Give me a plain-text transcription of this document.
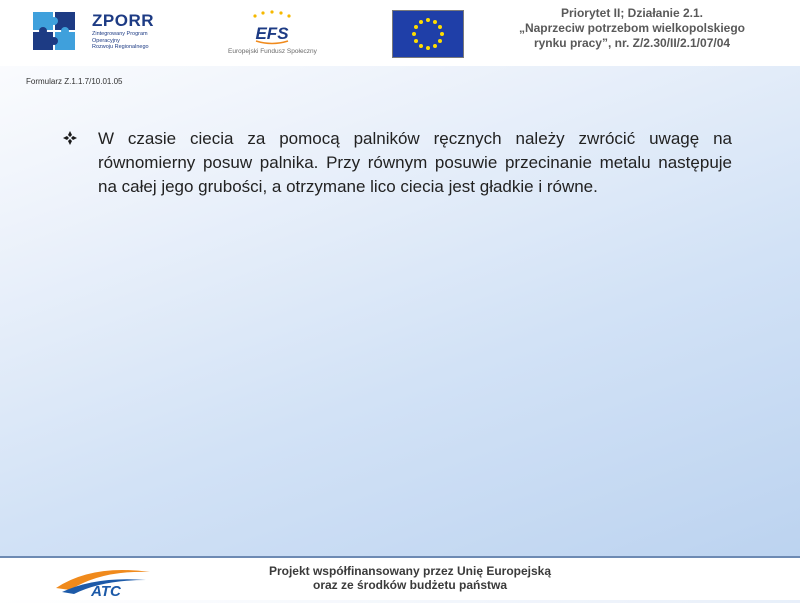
ZPORR
Zintegrowany Program
Operacyjny
Rozwoju Regionalnego
EFS
Europejski Fundusz Społeczny
Priorytet II; Działanie 2.1.
„Naprzeciw potrzebom wielkopolskiego
rynku pracy”, nr. Z/2.30/II/2.1/07/04
Formularz Z.1.1.7/10.01.05
W czasie ciecia za pomocą palników ręcznych należy zwrócić uwagę na równomierny posuw palnika. Przy równym posuwie przecinanie metalu następuje na całej jego grubości, a otrzymane lico ciecia jest gładkie i równe.
ATC
Projekt współfinansowany przez Unię Europejską
oraz ze środków budżetu państwa
